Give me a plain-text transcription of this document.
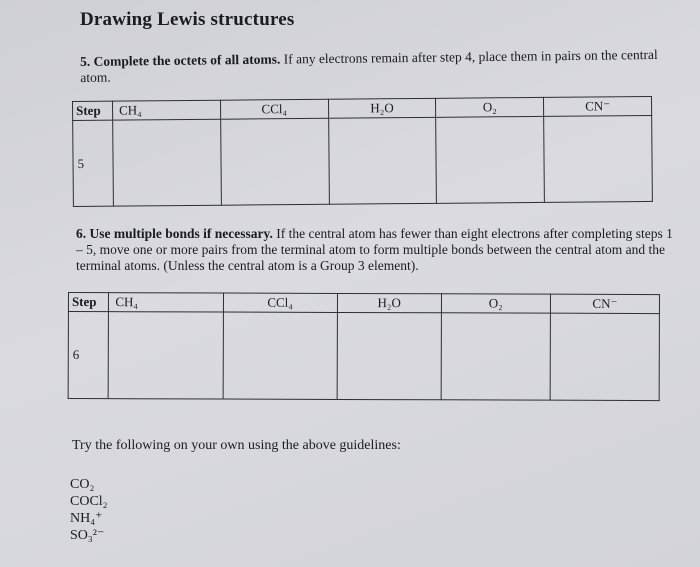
Drawing Lewis structures
5. Complete the octets of all atoms. If any electrons remain after step 4, place them in pairs on the central atom.
Step	CH₄	CCl₄	H₂O	O₂	CN⁻
5					
6. Use multiple bonds if necessary. If the central atom has fewer than eight electrons after completing steps 1 – 5, move one or more pairs from the terminal atom to form multiple bonds between the central atom and the terminal atoms. (Unless the central atom is a Group 3 element).
Step	CH₄	CCl₄	H₂O	O₂	CN⁻
6					
Try the following on your own using the above guidelines:
CO₂
COCl₂
NH₄⁺
SO₃²⁻
